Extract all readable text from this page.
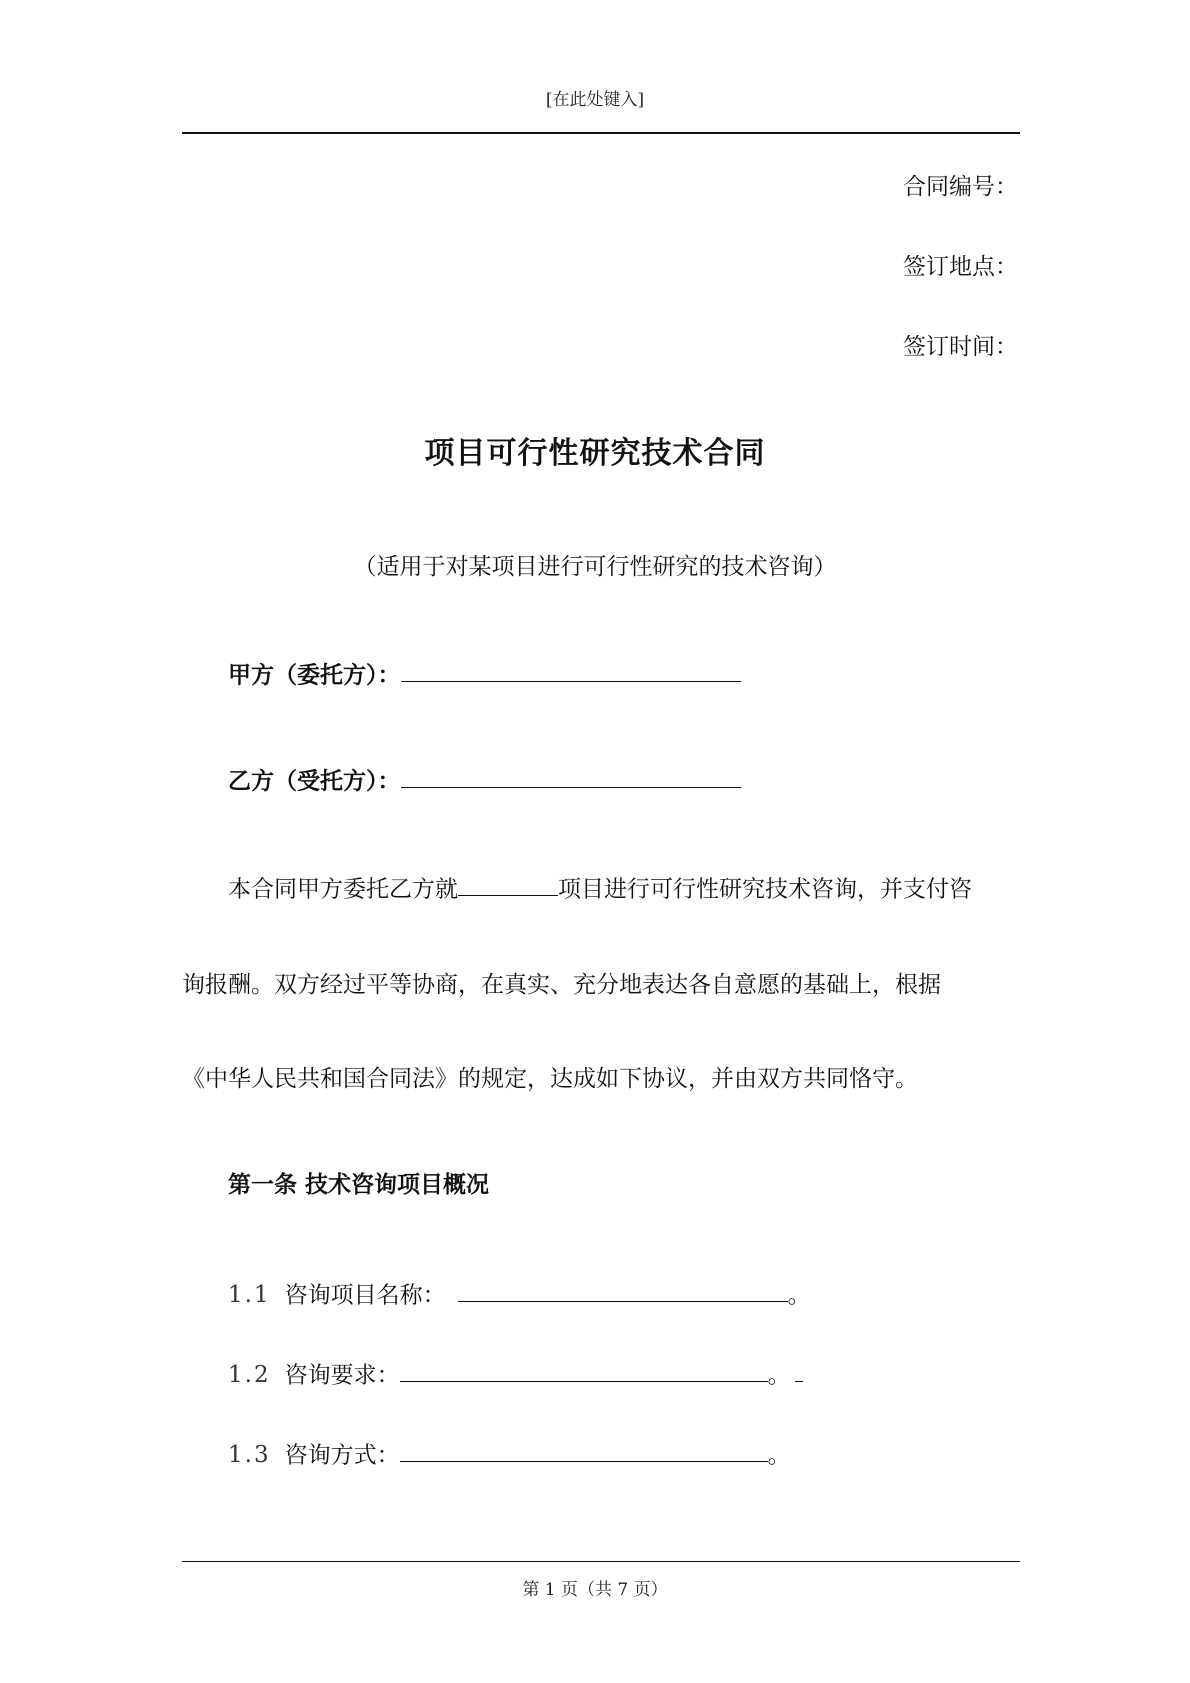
[在此处键入]
合同编号：
签订地点：
签订时间：
项目可行性研究技术合同
（适用于对某项目进行可行性研究的技术咨询）
甲方（委托方）：
乙方（受托方）：
本合同甲方委托乙方就	项目进行可行性研究技术咨询，并支付咨
询报酬。双方经过平等协商，在真实、充分地表达各自意愿的基础上，根据
《中华人民共和国合同法》的规定，达成如下协议，并由双方共同恪守。
第一条 技术咨询项目概况
1.1 咨询项目名称：	。
1.2 咨询要求：	。
1.3 咨询方式：	。
第 1 页（共 7 页）
